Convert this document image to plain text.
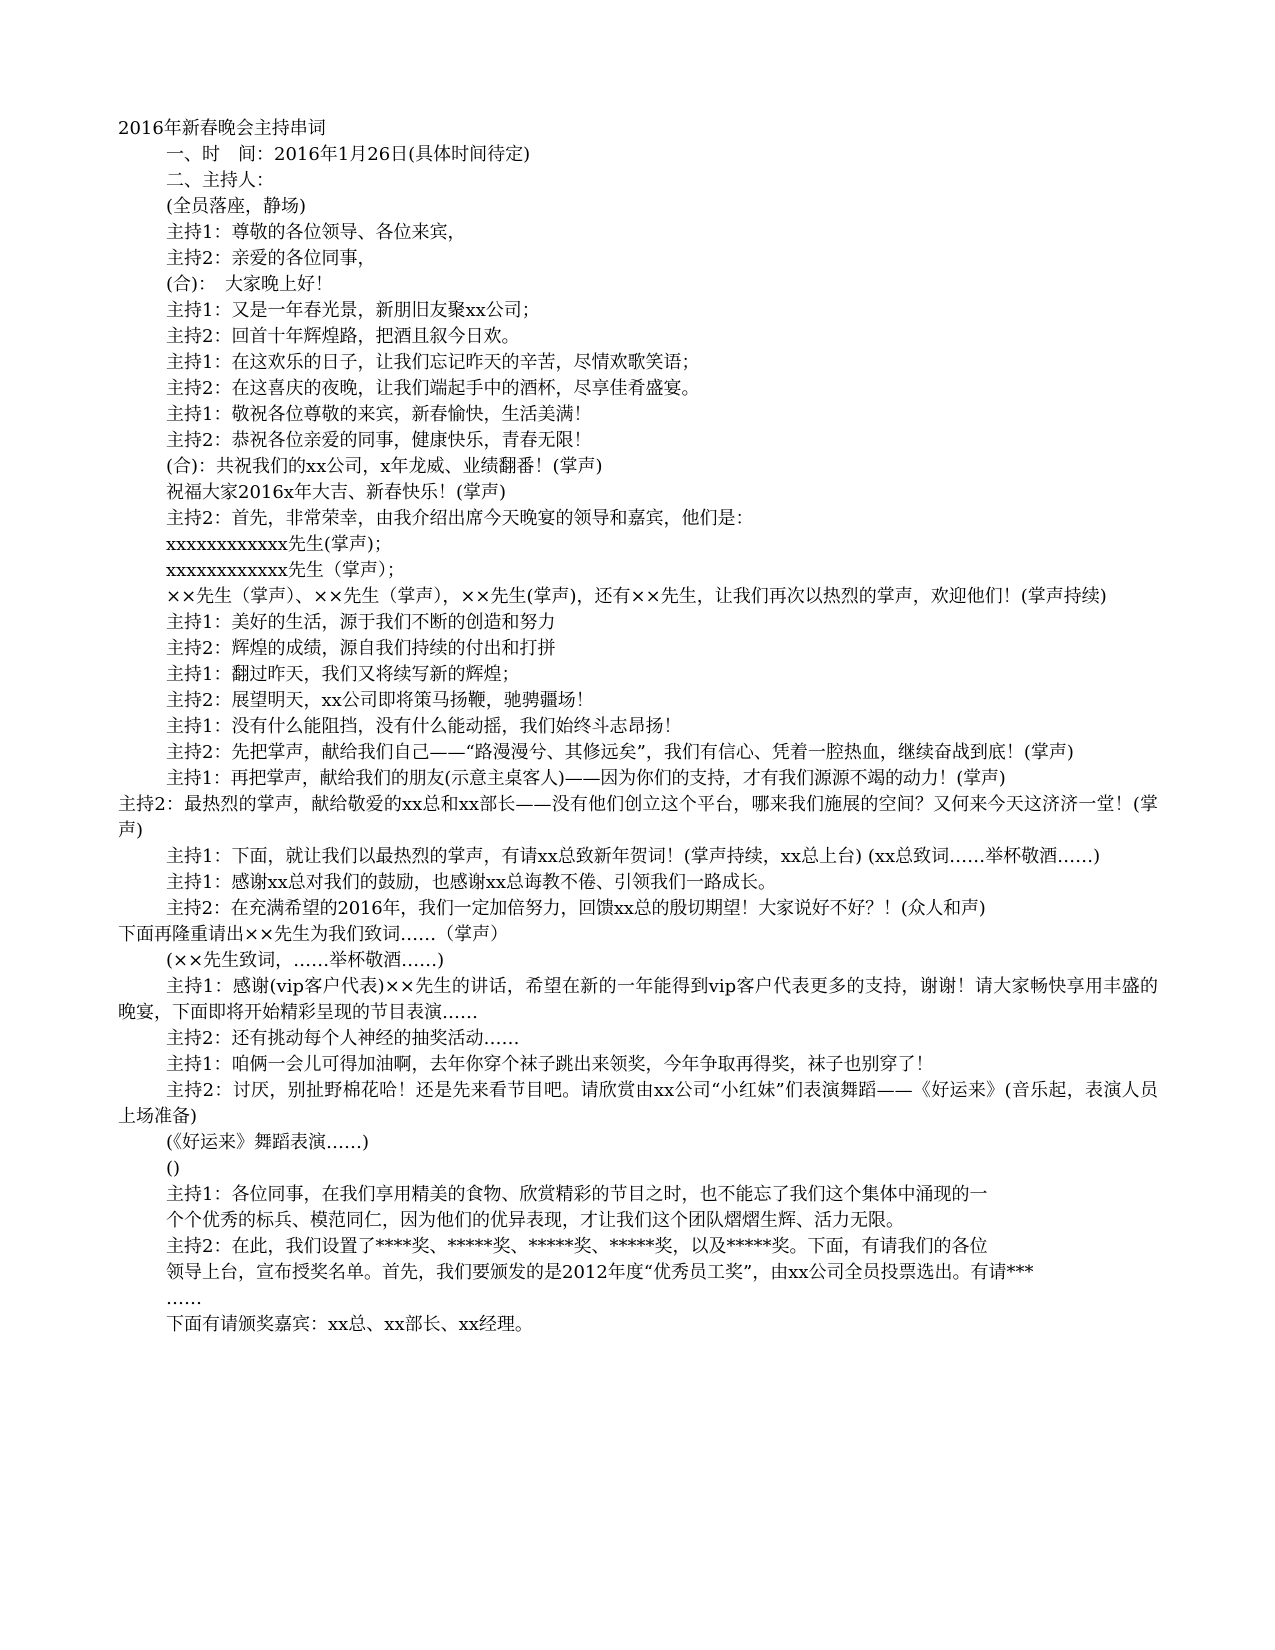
2016年新春晚会主持串词

一、时　间：2016年1月26日(具体时间待定)

二、主持人：

(全员落座，静场)

主持1：尊敬的各位领导、各位来宾，

主持2：亲爱的各位同事，

(合)：　大家晚上好！

主持1：又是一年春光景，新朋旧友聚xx公司；

主持2：回首十年辉煌路，把酒且叙今日欢。

主持1：在这欢乐的日子，让我们忘记昨天的辛苦，尽情欢歌笑语；

主持2：在这喜庆的夜晚，让我们端起手中的酒杯，尽享佳肴盛宴。

主持1：敬祝各位尊敬的来宾，新春愉快，生活美满！

主持2：恭祝各位亲爱的同事，健康快乐，青春无限！

(合)：共祝我们的xx公司，x年龙威、业绩翻番！(掌声)

祝福大家2016x年大吉、新春快乐！(掌声)

主持2：首先，非常荣幸，由我介绍出席今天晚宴的领导和嘉宾，他们是：

xxxxxxxxxxxx先生(掌声)；

xxxxxxxxxxxx先生（掌声）；

××先生（掌声）、××先生（掌声），××先生(掌声)，还有××先生，让我们再次以热烈的掌声，欢迎他们！(掌声持续)

主持1：美好的生活，源于我们不断的创造和努力

主持2：辉煌的成绩，源自我们持续的付出和打拼

主持1：翻过昨天，我们又将续写新的辉煌；

主持2：展望明天，xx公司即将策马扬鞭，驰骋疆场！

主持1：没有什么能阻挡，没有什么能动摇，我们始终斗志昂扬！

主持2：先把掌声，献给我们自己——“路漫漫兮、其修远矣”，我们有信心、凭着一腔热血，继续奋战到底！(掌声)

主持1：再把掌声，献给我们的朋友(示意主桌客人)——因为你们的支持，才有我们源源不竭的动力！(掌声)

主持2：最热烈的掌声，献给敬爱的xx总和xx部长——没有他们创立这个平台，哪来我们施展的空间？又何来今天这济济一堂！(掌声)

主持1：下面，就让我们以最热烈的掌声，有请xx总致新年贺词！(掌声持续，xx总上台) (xx总致词……举杯敬酒……)

主持1：感谢xx总对我们的鼓励，也感谢xx总诲教不倦、引领我们一路成长。

主持2：在充满希望的2016年，我们一定加倍努力，回馈xx总的殷切期望！大家说好不好？！(众人和声)

下面再隆重请出××先生为我们致词……（掌声）

(××先生致词，……举杯敬酒……)

主持1：感谢(vip客户代表)××先生的讲话，希望在新的一年能得到vip客户代表更多的支持，谢谢！请大家畅快享用丰盛的晚宴，下面即将开始精彩呈现的节目表演……

主持2：还有挑动每个人神经的抽奖活动……

主持1：咱俩一会儿可得加油啊，去年你穿个袜子跳出来领奖，今年争取再得奖，袜子也别穿了！

主持2：讨厌，别扯野棉花哈！还是先来看节目吧。请欣赏由xx公司“小红妹”们表演舞蹈——《好运来》(音乐起，表演人员上场准备)

(《好运来》舞蹈表演……)

()

主持1：各位同事，在我们享用精美的食物、欣赏精彩的节目之时，也不能忘了我们这个集体中涌现的一

个个优秀的标兵、模范同仁，因为他们的优异表现，才让我们这个团队熠熠生辉、活力无限。

主持2：在此，我们设置了****奖、*****奖、*****奖、*****奖，以及*****奖。下面，有请我们的各位

领导上台，宣布授奖名单。首先，我们要颁发的是2012年度“优秀员工奖”，由xx公司全员投票选出。有请***

……

下面有请颁奖嘉宾：xx总、xx部长、xx经理。
